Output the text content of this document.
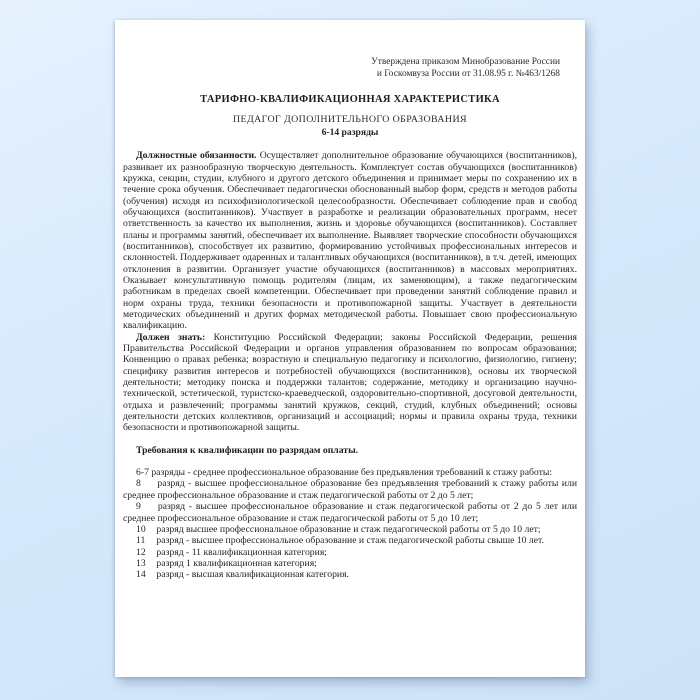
Утверждена приказом Минобразование России
и Госкомвуза России от 31.08.95 г. №463/1268
ТАРИФНО-КВАЛИФИКАЦИОННАЯ ХАРАКТЕРИСТИКА
ПЕДАГОГ ДОПОЛНИТЕЛЬНОГО ОБРАЗОВАНИЯ
6-14 разряды

Должностные обязанности. Осуществляет дополнительное образование обучающихся (воспитанников), развивает их разнообразную творческую деятельность. Комплектует состав обучающихся (воспитанников) кружка, секции, студии, клубного и другого детского объединения и принимает меры по сохранению их в течение срока обучения. Обеспечивает педагогически обоснованный выбор форм, средств и методов работы (обучения) исходя из психофизиологической целесообразности. Обеспечивает соблюдение прав и свобод обучающихся (воспитанников). Участвует в разработке и реализации образовательных программ, несет ответственность за качество их выполнения, жизнь и здоровье обучающихся (воспитанников). Составляет планы и программы занятий, обеспечивает их выполнение. Выявляет творческие способности обучающихся (воспитанников), способствует их развитию, формированию устойчивых профессиональных интересов и склонностей. Поддерживает одаренных и талантливых обучающихся (воспитанников), в т.ч. детей, имеющих отклонения в развитии. Организует участие обучающихся (воспитанников) в массовых мероприятиях. Оказывает консультативную помощь родителям (лицам, их заменяющим), а также педагогическим работникам в пределах своей компетенции. Обеспечивает при проведении занятий соблюдение правил и норм охраны труда, техники безопасности и противопожарной защиты. Участвует в деятельности методических объединений и других формах методической работы. Повышает свою профессиональную квалификацию.

Должен знать: Конституцию Российской Федерации; законы Российской Федерации, решения Правительства Российской Федерации и органов управления образованием по вопросам образования; Конвенцию о правах ребенка; возрастную и специальную педагогику и психологию, физиологию, гигиену; специфику развития интересов и потребностей обучающихся (воспитанников), основы их творческой деятельности; методику поиска и поддержки талантов; содержание, методику и организацию научно-технической, эстетической, туристско-краеведческой, оздоровительно-спортивной, досуговой деятельности, отдыха и развлечений; программы занятий кружков, секций, студий, клубных объединений; основы деятельности детских коллективов, организаций и ассоциаций; нормы и правила охраны труда, техники безопасности и противопожарной защиты.

Требования к квалификации по разрядам оплаты.
6-7 разряды - среднее профессиональное образование без предъявления требований к стажу работы:
8 разряд - высшее профессиональное образование без предъявления требований к стажу работы или среднее профессиональное образование и стаж педагогической работы от 2 до 5 лет;
9 разряд - высшее профессиональное образование и стаж педагогической работы от 2 до 5 лет или среднее профессиональное образование и стаж педагогической работы от 5 до 10 лет;
10 разряд высшее профессиональное образование и стаж педагогической работы от 5 до 10 лет;
11 разряд - высшее профессиональное образование и стаж педагогической работы свыше 10 лет.
12 разряд - 11 квалификационная категория;
13 разряд 1 квалификационная категория;
14 разряд - высшая квалификационная категория.
